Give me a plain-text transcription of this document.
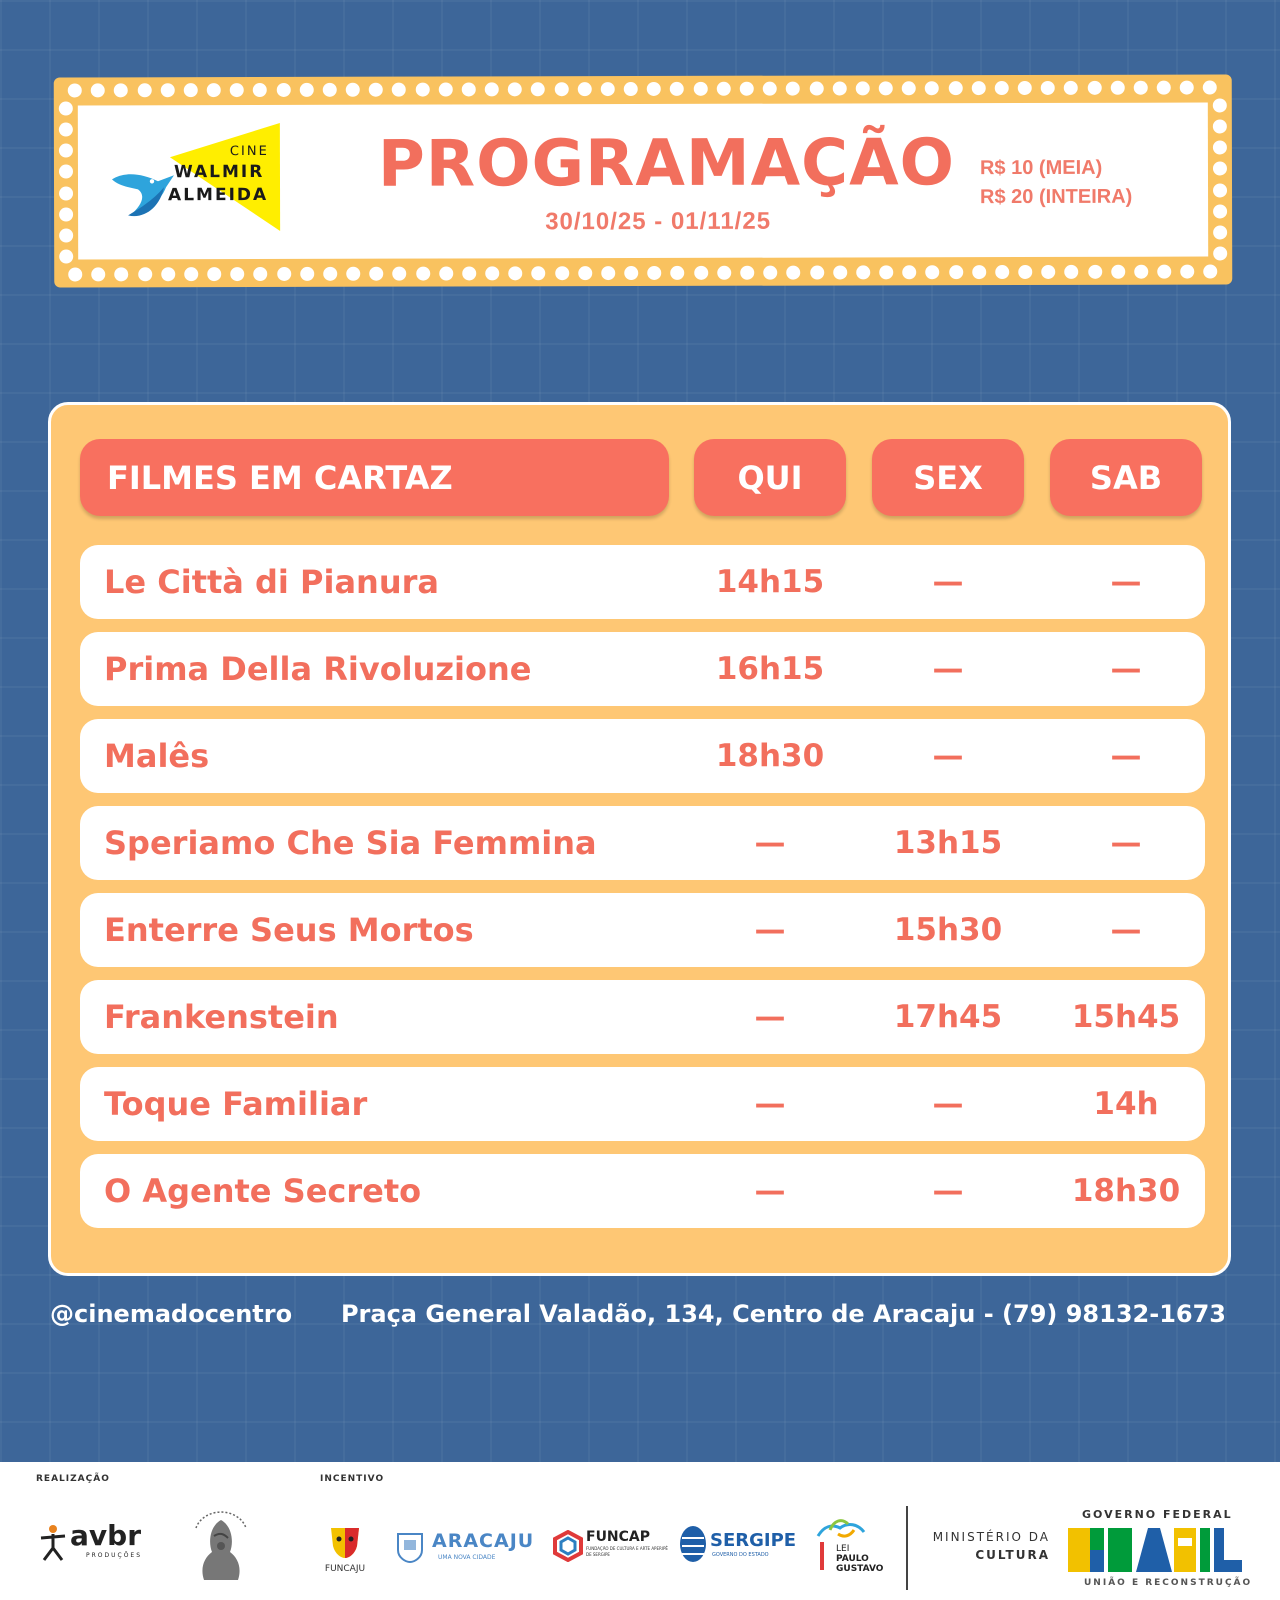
CINE
WALMIR
ALMEIDA PROGRAMAÇÃO
30/10/25 - 01/11/25
R$ 10 (MEIA)
R$ 20 (INTEIRA)
FILMES EM CARTAZ	QUI	SEX	SAB
Le Città di Pianura	14h15	—	—
Prima Della Rivoluzione	16h15	—	—
Malês	18h30	—	—
Speriamo Che Sia Femmina	—	13h15	—
Enterre Seus Mortos	—	15h30	—
Frankenstein	—	17h45	15h45
Toque Familiar	—	—	14h
O Agente Secreto	—	—	18h30
@cinemadocentro Praça General Valadão, 134, Centro de Aracaju - (79) 98132-1673
REALIZAÇÃO	INCENTIVO
avbr
PRODUÇÕES
FUNCAJU
ARACAJU
UMA NOVA CIDADE
FUNCAP
FUNDAÇÃO DE CULTURA E ARTE APERIPÊ DE SERGIPE
SERGIPE
GOVERNO DO ESTADO
LEI
PAULO
GUSTAVO
MINISTÉRIO DA
CULTURA
GOVERNO FEDERAL
UNIÃO E RECONSTRUÇÃO
